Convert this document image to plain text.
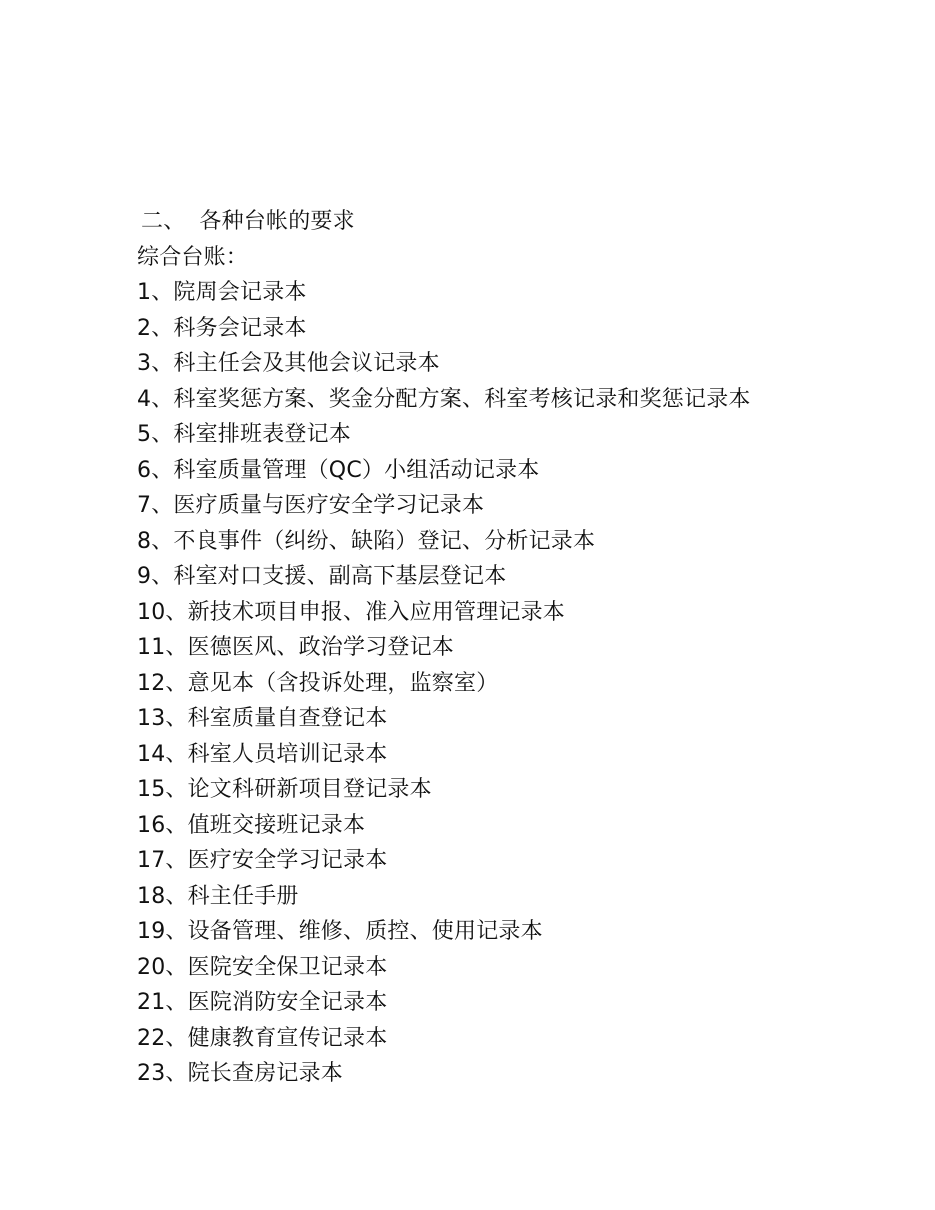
二、 各种台帐的要求
综合台账：
1、院周会记录本
2、科务会记录本
3、科主任会及其他会议记录本
4、科室奖惩方案、奖金分配方案、科室考核记录和奖惩记录本
5、科室排班表登记本
6、科室质量管理（QC）小组活动记录本
7、医疗质量与医疗安全学习记录本
8、不良事件（纠纷、缺陷）登记、分析记录本
9、科室对口支援、副高下基层登记本
10、新技术项目申报、准入应用管理记录本
11、医德医风、政治学习登记本
12、意见本（含投诉处理，监察室）
13、科室质量自查登记本
14、科室人员培训记录本
15、论文科研新项目登记录本
16、值班交接班记录本
17、医疗安全学习记录本
18、科主任手册
19、设备管理、维修、质控、使用记录本
20、医院安全保卫记录本
21、医院消防安全记录本
22、健康教育宣传记录本
23、院长查房记录本
